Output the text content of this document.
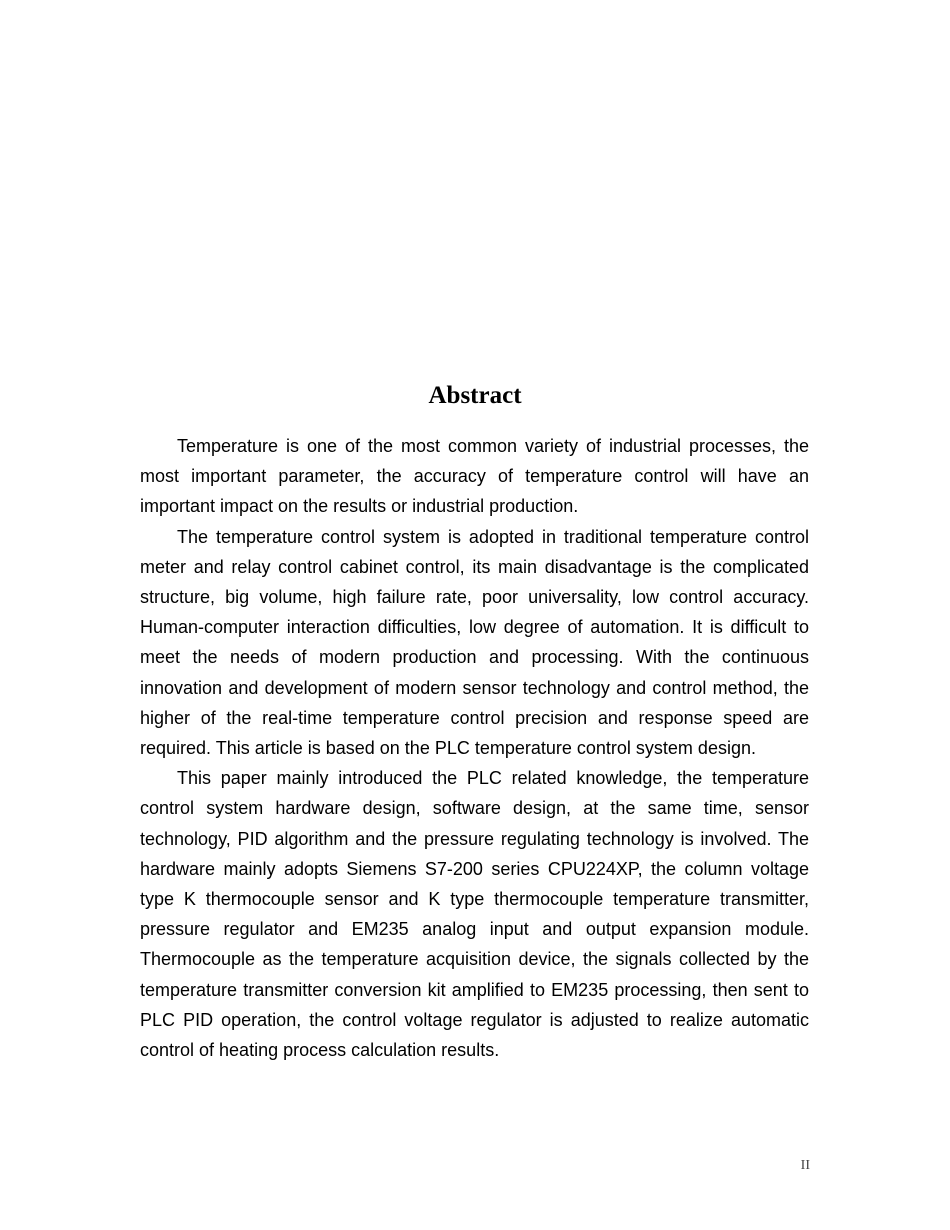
Abstract

Temperature is one of the most common variety of industrial processes, the most important parameter, the accuracy of temperature control will have an important impact on the results or industrial production.

The temperature control system is adopted in traditional temperature control meter and relay control cabinet control, its main disadvantage is the complicated structure, big volume, high failure rate, poor universality, low control accuracy. Human-computer interaction difficulties, low degree of automation. It is difficult to meet the needs of modern production and processing. With the continuous innovation and development of modern sensor technology and control method, the higher of the real-time temperature control precision and response speed are required. This article is based on the PLC temperature control system design.

This paper mainly introduced the PLC related knowledge, the temperature control system hardware design, software design, at the same time, sensor technology, PID algorithm and the pressure regulating technology is involved. The hardware mainly adopts Siemens S7-200 series CPU224XP, the column voltage type K thermocouple sensor and K type thermocouple temperature transmitter, pressure regulator and EM235 analog input and output expansion module. Thermocouple as the temperature acquisition device, the signals collected by the temperature transmitter conversion kit amplified to EM235 processing, then sent to PLC PID operation, the control voltage regulator is adjusted to realize automatic control of heating process calculation results.

II
